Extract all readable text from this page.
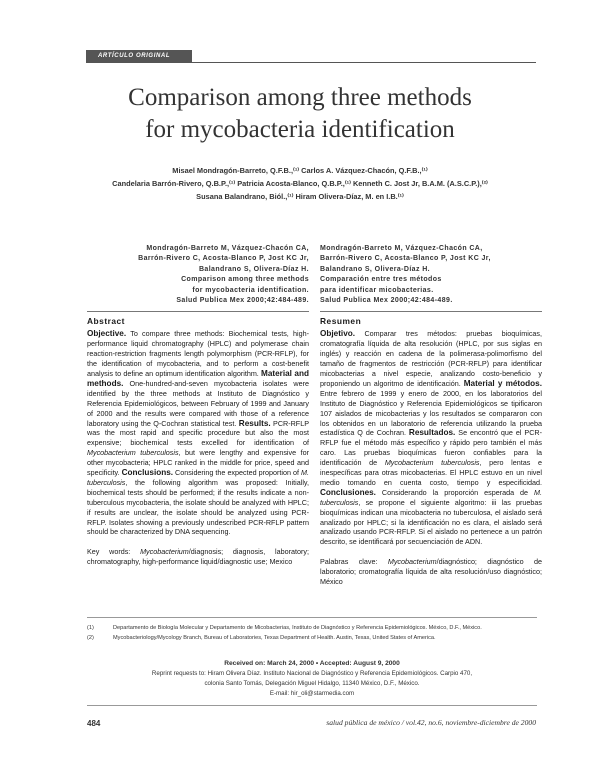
ARTÍCULO ORIGINAL
Comparison among three methods
for mycobacteria identification
Misael Mondragón-Barreto, Q.F.B.,⁽¹⁾ Carlos A. Vázquez-Chacón, Q.F.B.,⁽¹⁾
Candelaria Barrón-Rivero, Q.B.P.,⁽¹⁾ Patricia Acosta-Blanco, Q.B.P.,⁽¹⁾ Kenneth C. Jost Jr, B.A.M. (A.S.C.P.),⁽²⁾
Susana Balandrano, Biól.,⁽¹⁾ Hiram Olivera-Díaz, M. en I.B.⁽¹⁾
Mondragón-Barreto M, Vázquez-Chacón CA,
Barrón-Rivero C, Acosta-Blanco P, Jost KC Jr,
Balandrano S, Olivera-Díaz H.
Comparison among three methods
for mycobacteria identification.
Salud Publica Mex 2000;42:484-489.
Abstract
Objective. To compare three methods: Biochemical tests, high-performance liquid chromatography (HPLC) and polymerase chain reaction-restriction fragments length polymorphism (PCR-RFLP), for the identification of mycobacteria, and to perform a cost-benefit analysis to define an optimum identification algorithm. Material and methods. One-hundred-and-seven mycobacteria isolates were identified by the three methods at Instituto de Diagnóstico y Referencia Epidemiológicos, between February of 1999 and January of 2000 and the results were compared with those of a reference laboratory using the Q-Cochran statistical test. Results. PCR-RFLP was the most rapid and specific procedure but also the most expensive; biochemical tests excelled for identification of Mycobacterium tuberculosis, but were lengthy and expensive for other mycobacteria; HPLC ranked in the middle for price, speed and specificity. Conclusions. Considering the expected proportion of M. tuberculosis, the following algorithm was proposed: Initially, biochemical tests should be performed; if the results indicate a non-tuberculous mycobacteria, the isolate should be analyzed with HPLC; if results are unclear, the isolate should be analyzed using PCR-RFLP. Isolates showing a previously undescribed PCR-RFLP pattern should be characterized by DNA sequencing.
Key words: Mycobacterium/diagnosis; diagnosis, laboratory; chromatography, high-performance liquid/diagnostic use; Mexico
Mondragón-Barreto M, Vázquez-Chacón CA,
Barrón-Rivero C, Acosta-Blanco P, Jost KC Jr,
Balandrano S, Olivera-Díaz H.
Comparación entre tres métodos
para identificar micobacterias.
Salud Publica Mex 2000;42:484-489.
Resumen
Objetivo. Comparar tres métodos: pruebas bioquímicas, cromatografía líquida de alta resolución (HPLC, por sus siglas en inglés) y reacción en cadena de la polimerasa-polimorfismo del tamaño de fragmentos de restricción (PCR-RFLP) para identificar micobacterias a nivel especie, analizando costo-beneficio y proponiendo un algoritmo de identificación. Material y métodos. Entre febrero de 1999 y enero de 2000, en los laboratorios del Instituto de Diagnóstico y Referencia Epidemiológicos se tipificaron 107 aislados de micobacterias y los resultados se compararon con los obtenidos en un laboratorio de referencia utilizando la prueba estadística Q de Cochran. Resultados. Se encontró que el PCR-RFLP fue el método más específico y rápido pero también el más caro. Las pruebas bioquímicas fueron confiables para la identificación de Mycobacterium tuberculosis, pero lentas e inespecíficas para otras micobacterias. El HPLC estuvo en un nivel medio tomando en cuenta costo, tiempo y especificidad. Conclusiones. Considerando la proporción esperada de M. tuberculosis, se propone el siguiente algoritmo: iii las pruebas bioquímicas indican una micobacteria no tuberculosa, el aislado será analizado por HPLC; si la identificación no es clara, el aislado será analizado usando PCR-RFLP. Si el aislado no pertenece a un patrón descrito, se identificará por secuenciación de ADN.
Palabras clave: Mycobacterium/diagnóstico; diagnóstico de laboratorio; cromatografía líquida de alta resolución/uso diagnóstico; México
(1)	Departamento de Biología Molecular y Departamento de Micobacterias, Instituto de Diagnóstico y Referencia Epidemiológicos. México, D.F., México.
(2)	Mycobacteriology/Mycology Branch, Bureau of Laboratories, Texas Department of Health. Austin, Texas, United States of America.
Received on: March 24, 2000 • Accepted: August 9, 2000
Reprint requests to: Hiram Olivera Díaz. Instituto Nacional de Diagnóstico y Referencia Epidemiológicos. Carpio 470,
colonia Santo Tomás, Delegación Miguel Hidalgo, 11340 México, D.F., México.
E-mail: hir_oli@starmedia.com
484	salud pública de méxico / vol.42, no.6, noviembre-diciembre de 2000
